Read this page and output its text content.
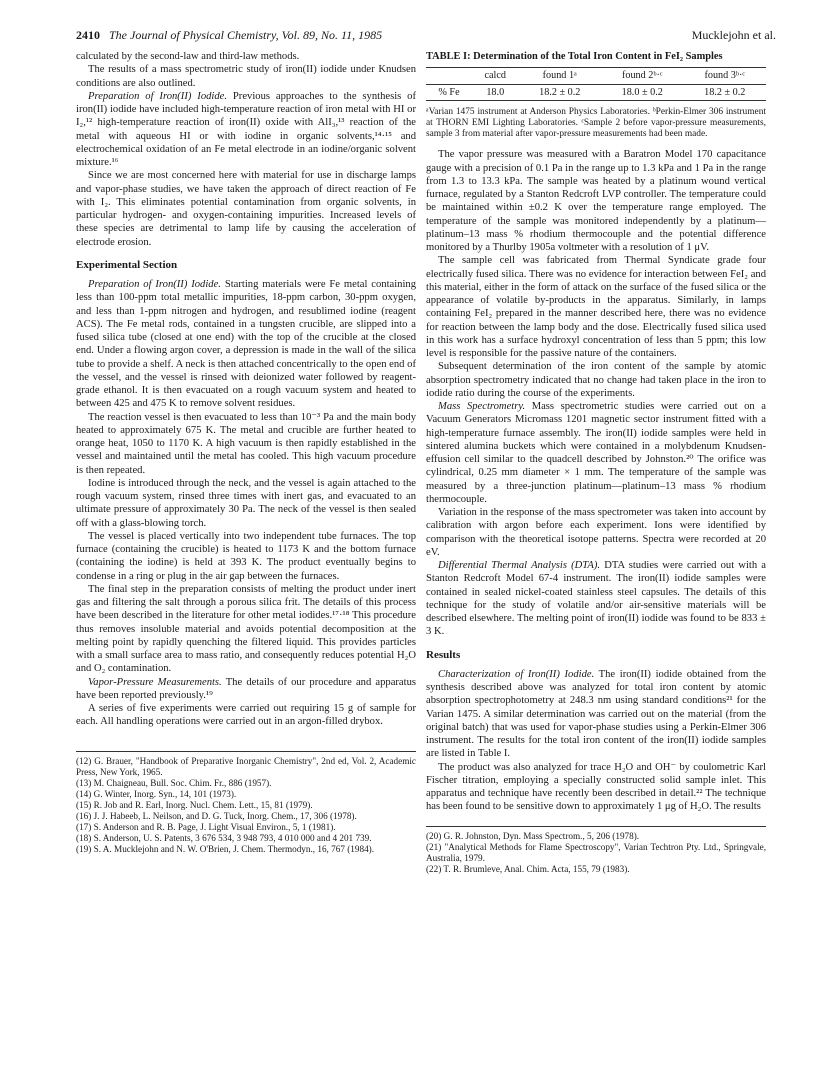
2410 The Journal of Physical Chemistry, Vol. 89, No. 11, 1985	Mucklejohn et al.

calculated by the second-law and third-law methods.

The results of a mass spectrometric study of iron(II) iodide under Knudsen conditions are also outlined.

Preparation of Iron(II) Iodide. Previous approaches to the synthesis of iron(II) iodide have included high-temperature reaction of iron metal with HI or I₂,¹² high-temperature reaction of iron(II) oxide with AlI₃,¹³ reaction of the metal with aqueous HI or with iodine in organic solvents,¹⁴·¹⁵ and electrochemical oxidation of an Fe metal electrode in an iodine/organic solvent mixture.¹⁶

Since we are most concerned here with material for use in discharge lamps and vapor-phase studies, we have taken the approach of direct reaction of Fe with I₂. This eliminates potential contamination from organic solvents, in particular hydrogen- and oxygen-containing impurities. Increased levels of these species are detrimental to lamp life by causing the acceleration of electrode erosion.

Experimental Section

Preparation of Iron(II) Iodide. Starting materials were Fe metal containing less than 100-ppm total metallic impurities, 18-ppm carbon, 30-ppm oxygen, and less than 1-ppm nitrogen and hydrogen, and resublimed iodine (reagent ACS). The Fe metal rods, contained in a tungsten crucible, are slipped into a fused silica tube (closed at one end) with the top of the crucible at the closed end. Under a flowing argon cover, a depression is made in the wall of the silica tube to provide a shelf. A neck is then attached concentrically to the open end of the vessel, and the vessel is rinsed with deionized water followed by reagent-grade ethanol. It is then evacuated on a rough vacuum system and heated to between 425 and 475 K to remove solvent residues.

The reaction vessel is then evacuated to less than 10⁻³ Pa and the main body heated to approximately 675 K. The metal and crucible are further heated to orange heat, 1050 to 1170 K. A high vacuum is then rapidly established in the vessel and maintained until the metal has cooled. This high vacuum procedure is then repeated.

Iodine is introduced through the neck, and the vessel is again attached to the rough vacuum system, rinsed three times with inert gas, and evacuated to an ultimate pressure of approximately 30 Pa. The neck of the vessel is then sealed off with a glass-blowing torch.

The vessel is placed vertically into two independent tube furnaces. The top furnace (containing the crucible) is heated to 1173 K and the bottom furnace (containing the iodine) is held at 393 K. The product eventually begins to condense in a ring or plug in the air gap between the furnaces.

The final step in the preparation consists of melting the product under inert gas and filtering the salt through a porous silica frit. The details of this process have been described in the literature for other metal iodides.¹⁷·¹⁸ This procedure thus removes insoluble material and avoids potential decomposition at the melting point by rapidly quenching the filtered liquid. This provides particles with a small surface area to mass ratio, and consequently reduces potential H₂O and O₂ contamination.

Vapor-Pressure Measurements. The details of our procedure and apparatus have been reported previously.¹⁹

A series of five experiments were carried out requiring 15 g of sample for each. All handling operations were carried out in an argon-filled drybox.

(12) G. Brauer, "Handbook of Preparative Inorganic Chemistry", 2nd ed, Vol. 2, Academic Press, New York, 1965.
(13) M. Chaigneau, Bull. Soc. Chim. Fr., 886 (1957).
(14) G. Winter, Inorg. Syn., 14, 101 (1973).
(15) R. Job and R. Earl, Inorg. Nucl. Chem. Lett., 15, 81 (1979).
(16) J. J. Habeeb, L. Neilson, and D. G. Tuck, Inorg. Chem., 17, 306 (1978).
(17) S. Anderson and R. B. Page, J. Light Visual Environ., 5, 1 (1981).
(18) S. Anderson, U. S. Patents, 3 676 534, 3 948 793, 4 010 000 and 4 201 739.
(19) S. A. Mucklejohn and N. W. O'Brien, J. Chem. Thermodyn., 16, 767 (1984).
TABLE I: Determination of the Total Iron Content in FeI₂ Samples
	calcd	found 1ᵃ	found 2ᵇ·ᶜ	found 3ᵇ·ᶜ
% Fe	18.0	18.2 ± 0.2	18.0 ± 0.2	18.2 ± 0.2
ᵃVarian 1475 instrument at Anderson Physics Laboratories. ᵇPerkin-Elmer 306 instrument at THORN EMI Lighting Laboratories. ᶜSample 2 before vapor-pressure measurements, sample 3 from material after vapor-pressure measurements had been made.

The vapor pressure was measured with a Baratron Model 170 capacitance gauge with a precision of 0.1 Pa in the range up to 1.3 kPa and 1 Pa in the range from 1.3 to 13.3 kPa. The sample was heated by a platinum wound vertical furnace, regulated by a Stanton Redcroft LVP controller. The temperature could be maintained within ±0.2 K over the temperature range employed. The temperature of the sample was monitored independently by a platinum—platinum–13 mass % rhodium thermocouple and the potential difference monitored by a Thurlby 1905a voltmeter with a resolution of 1 μV.

The sample cell was fabricated from Thermal Syndicate grade four electrically fused silica. There was no evidence for interaction between FeI₂ and this material, either in the form of attack on the surface of the fused silica or the appearance of volatile by-products in the apparatus. Similarly, in lamps containing FeI₂ prepared in the manner described here, there was no evidence for reaction between the lamp body and the dose. Electrically fused silica used in this work has a surface hydroxyl concentration of less than 5 ppm; this low level is responsible for the passive nature of the containers.

Subsequent determination of the iron content of the sample by atomic absorption spectrometry indicated that no change had taken place in the iron to iodide ratio during the course of the experiments.

Mass Spectrometry. Mass spectrometric studies were carried out on a Vacuum Generators Micromass 1201 magnetic sector instrument fitted with a high-temperature furnace assembly. The iron(II) iodide samples were held in sintered alumina buckets which were contained in a molybdenum Knudsen-effusion cell similar to the quadcell described by Johnston.²⁰ The orifice was cylindrical, 0.25 mm diameter × 1 mm. The temperature of the sample was measured by a three-junction platinum—platinum–13 mass % rhodium thermocouple.

Variation in the response of the mass spectrometer was taken into account by calibration with argon before each experiment. Ions were identified by comparison with the theoretical isotope patterns. Spectra were recorded at 20 eV.

Differential Thermal Analysis (DTA). DTA studies were carried out with a Stanton Redcroft Model 67-4 instrument. The iron(II) iodide samples were contained in sealed nickel-coated stainless steel capsules. The details of this technique for the study of volatile and/or air-sensitive materials will be described elsewhere. The melting point of iron(II) iodide was found to be 833 ± 3 K.

Results

Characterization of Iron(II) Iodide. The iron(II) iodide obtained from the synthesis described above was analyzed for total iron content by atomic absorption spectrophotometry at 248.3 nm using standard conditions²¹ for the Varian 1475. A similar determination was carried out on the material (from the original batch) that was used for vapor-phase studies using a Perkin-Elmer 306 instrument. The results for the total iron content of the iron(II) iodide samples are listed in Table I.

The product was also analyzed for trace H₂O and OH⁻ by coulometric Karl Fischer titration, employing a specially constructed solid sample inlet. This apparatus and technique have recently been described in detail.²² The technique has been found to be sensitive down to approximately 1 μg of H₂O. The results

(20) G. R. Johnston, Dyn. Mass Spectrom., 5, 206 (1978).
(21) "Analytical Methods for Flame Spectroscopy", Varian Techtron Pty. Ltd., Springvale, Australia, 1979.
(22) T. R. Brumleve, Anal. Chim. Acta, 155, 79 (1983).
